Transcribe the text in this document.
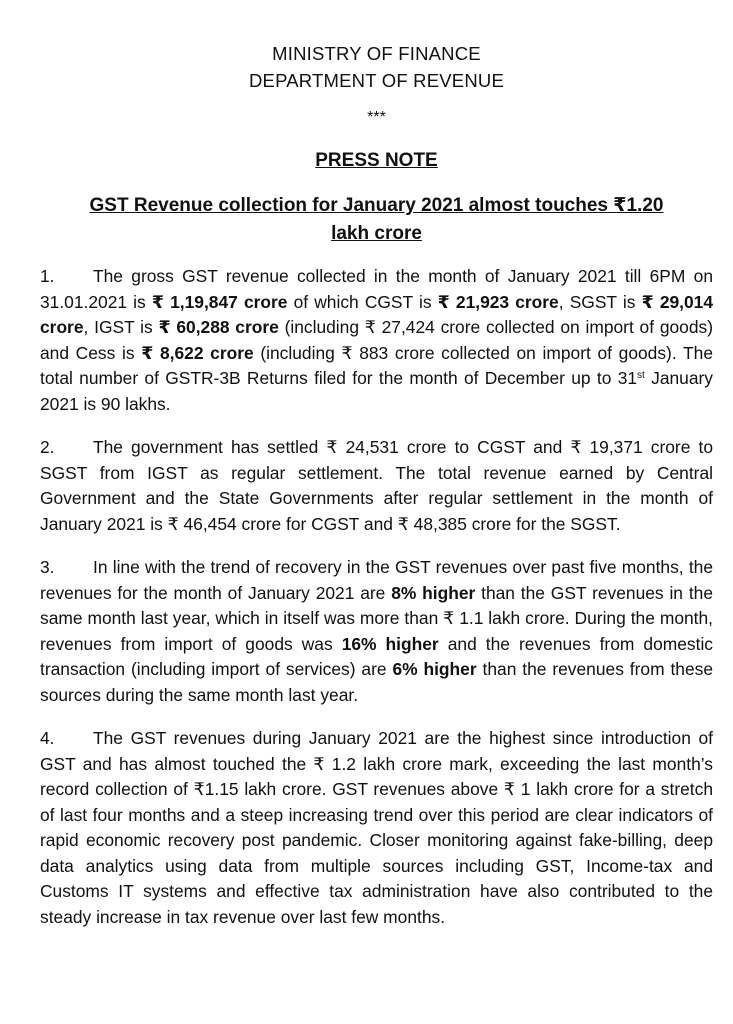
MINISTRY OF FINANCE
DEPARTMENT OF REVENUE
***
PRESS NOTE
GST Revenue collection for January 2021 almost touches ₹1.20
lakh crore

1. The gross GST revenue collected in the month of January 2021 till 6PM on 31.01.2021 is ₹ 1,19,847 crore of which CGST is ₹ 21,923 crore, SGST is ₹ 29,014 crore, IGST is ₹ 60,288 crore (including ₹ 27,424 crore collected on import of goods) and Cess is ₹ 8,622 crore (including ₹ 883 crore collected on import of goods). The total number of GSTR-3B Returns filed for the month of December up to 31st January 2021 is 90 lakhs.

2. The government has settled ₹ 24,531 crore to CGST and ₹ 19,371 crore to SGST from IGST as regular settlement. The total revenue earned by Central Government and the State Governments after regular settlement in the month of January 2021 is ₹ 46,454 crore for CGST and ₹ 48,385 crore for the SGST.

3. In line with the trend of recovery in the GST revenues over past five months, the revenues for the month of January 2021 are 8% higher than the GST revenues in the same month last year, which in itself was more than ₹ 1.1 lakh crore. During the month, revenues from import of goods was 16% higher and the revenues from domestic transaction (including import of services) are 6% higher than the revenues from these sources during the same month last year.

4. The GST revenues during January 2021 are the highest since introduction of GST and has almost touched the ₹ 1.2 lakh crore mark, exceeding the last month’s record collection of ₹1.15 lakh crore. GST revenues above ₹ 1 lakh crore for a stretch of last four months and a steep increasing trend over this period are clear indicators of rapid economic recovery post pandemic. Closer monitoring against fake-billing, deep data analytics using data from multiple sources including GST, Income-tax and Customs IT systems and effective tax administration have also contributed to the steady increase in tax revenue over last few months.
